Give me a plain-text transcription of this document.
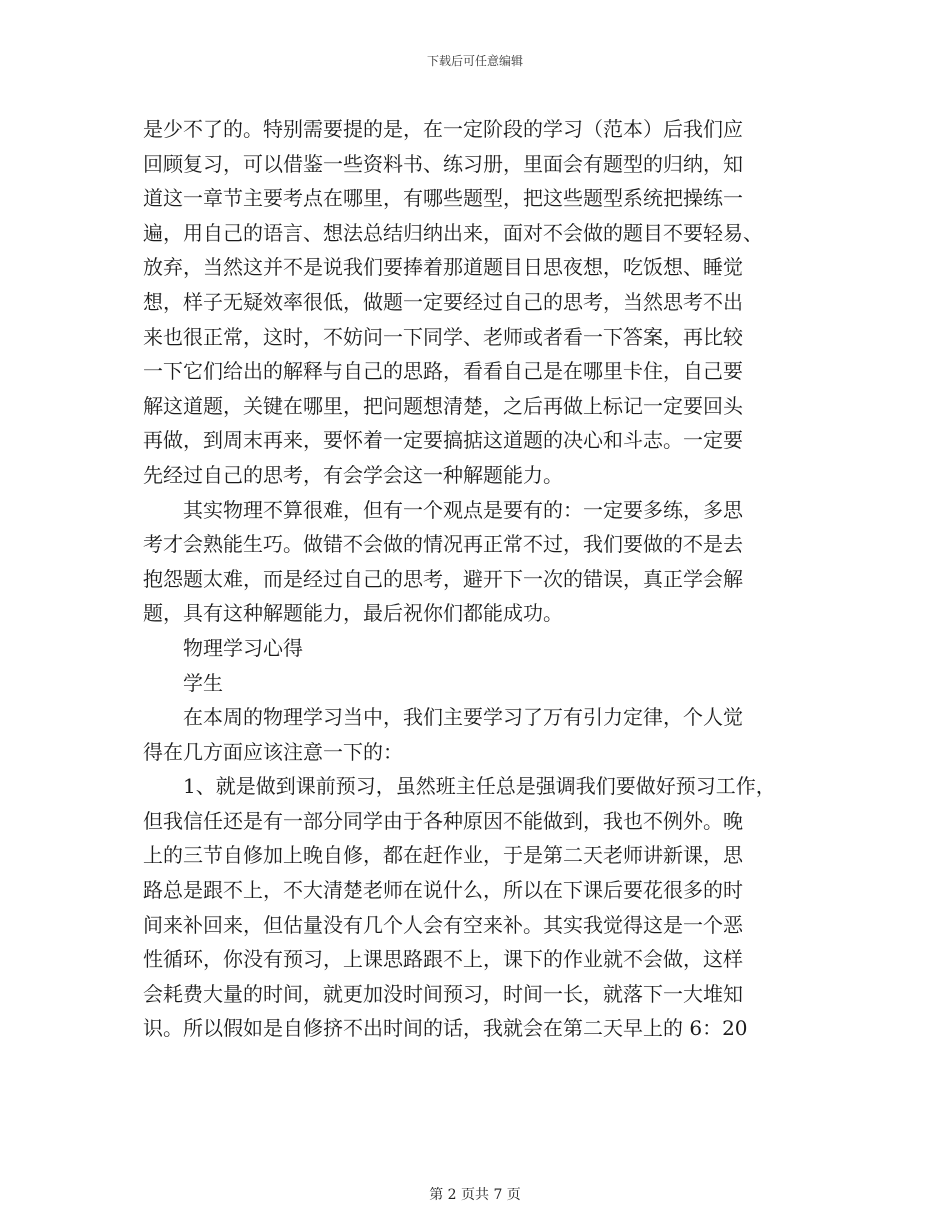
下载后可任意编辑
是少不了的。特别需要提的是，在一定阶段的学习（范本）后我们应
回顾复习，可以借鉴一些资料书、练习册，里面会有题型的归纳，知
道这一章节主要考点在哪里，有哪些题型，把这些题型系统把操练一
遍，用自己的语言、想法总结归纳出来，面对不会做的题目不要轻易、
放弃，当然这并不是说我们要捧着那道题目日思夜想，吃饭想、睡觉
想，样子无疑效率很低，做题一定要经过自己的思考，当然思考不出
来也很正常，这时，不妨问一下同学、老师或者看一下答案，再比较
一下它们给出的解释与自己的思路，看看自己是在哪里卡住，自己要
解这道题，关键在哪里，把问题想清楚，之后再做上标记一定要回头
再做，到周末再来，要怀着一定要搞掂这道题的决心和斗志。一定要
先经过自己的思考，有会学会这一种解题能力。
　　其实物理不算很难，但有一个观点是要有的：一定要多练，多思
考才会熟能生巧。做错不会做的情况再正常不过，我们要做的不是去
抱怨题太难，而是经过自己的思考，避开下一次的错误，真正学会解
题，具有这种解题能力，最后祝你们都能成功。
　　物理学习心得
　　学生
　　在本周的物理学习当中，我们主要学习了万有引力定律，个人觉
得在几方面应该注意一下的：
　　1、就是做到课前预习，虽然班主任总是强调我们要做好预习工作，
但我信任还是有一部分同学由于各种原因不能做到，我也不例外。晚
上的三节自修加上晚自修，都在赶作业，于是第二天老师讲新课，思
路总是跟不上，不大清楚老师在说什么，所以在下课后要花很多的时
间来补回来，但估量没有几个人会有空来补。其实我觉得这是一个恶
性循环，你没有预习，上课思路跟不上，课下的作业就不会做，这样
会耗费大量的时间，就更加没时间预习，时间一长，就落下一大堆知
识。所以假如是自修挤不出时间的话，我就会在第二天早上的 6：20
第 2 页共 7 页
